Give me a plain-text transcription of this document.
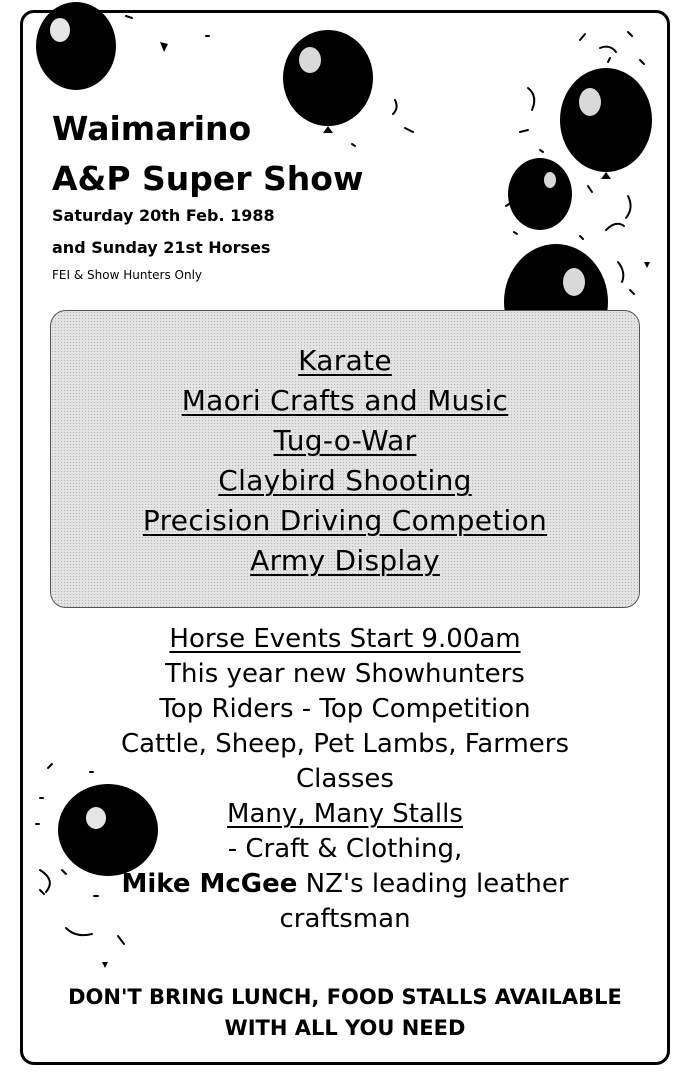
Waimarino
A&P Super Show
Saturday 20th Feb. 1988
and Sunday 21st Horses
FEI & Show Hunters Only
Karate
Maori Crafts and Music
Tug-o-War
Claybird Shooting
Precision Driving Competion
Army Display
Horse Events Start 9.00am
This year new Showhunters
Top Riders - Top Competition
Cattle, Sheep, Pet Lambs, Farmers
Classes
Many, Many Stalls
- Craft & Clothing,
Mike McGee NZ's leading leather
craftsman
DON'T BRING LUNCH, FOOD STALLS AVAILABLE
WITH ALL YOU NEED
